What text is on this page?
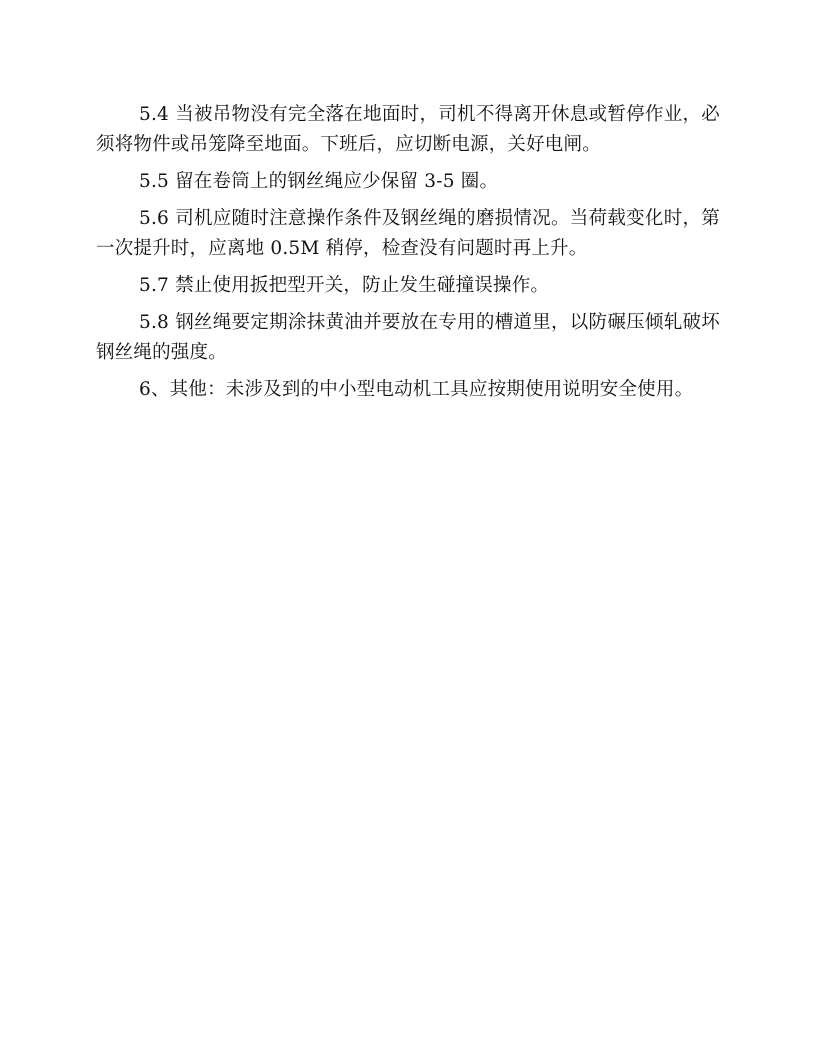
5.4 当被吊物没有完全落在地面时，司机不得离开休息或暂停作业，必须将物件或吊笼降至地面。下班后，应切断电源，关好电闸。

5.5 留在卷筒上的钢丝绳应少保留 3-5 圈。

5.6 司机应随时注意操作条件及钢丝绳的磨损情况。当荷载变化时，第一次提升时，应离地 0.5M 稍停，检查没有问题时再上升。

5.7 禁止使用扳把型开关，防止发生碰撞误操作。

5.8 钢丝绳要定期涂抹黄油并要放在专用的槽道里，以防碾压倾轧破坏钢丝绳的强度。

6、其他：未涉及到的中小型电动机工具应按期使用说明安全使用。
